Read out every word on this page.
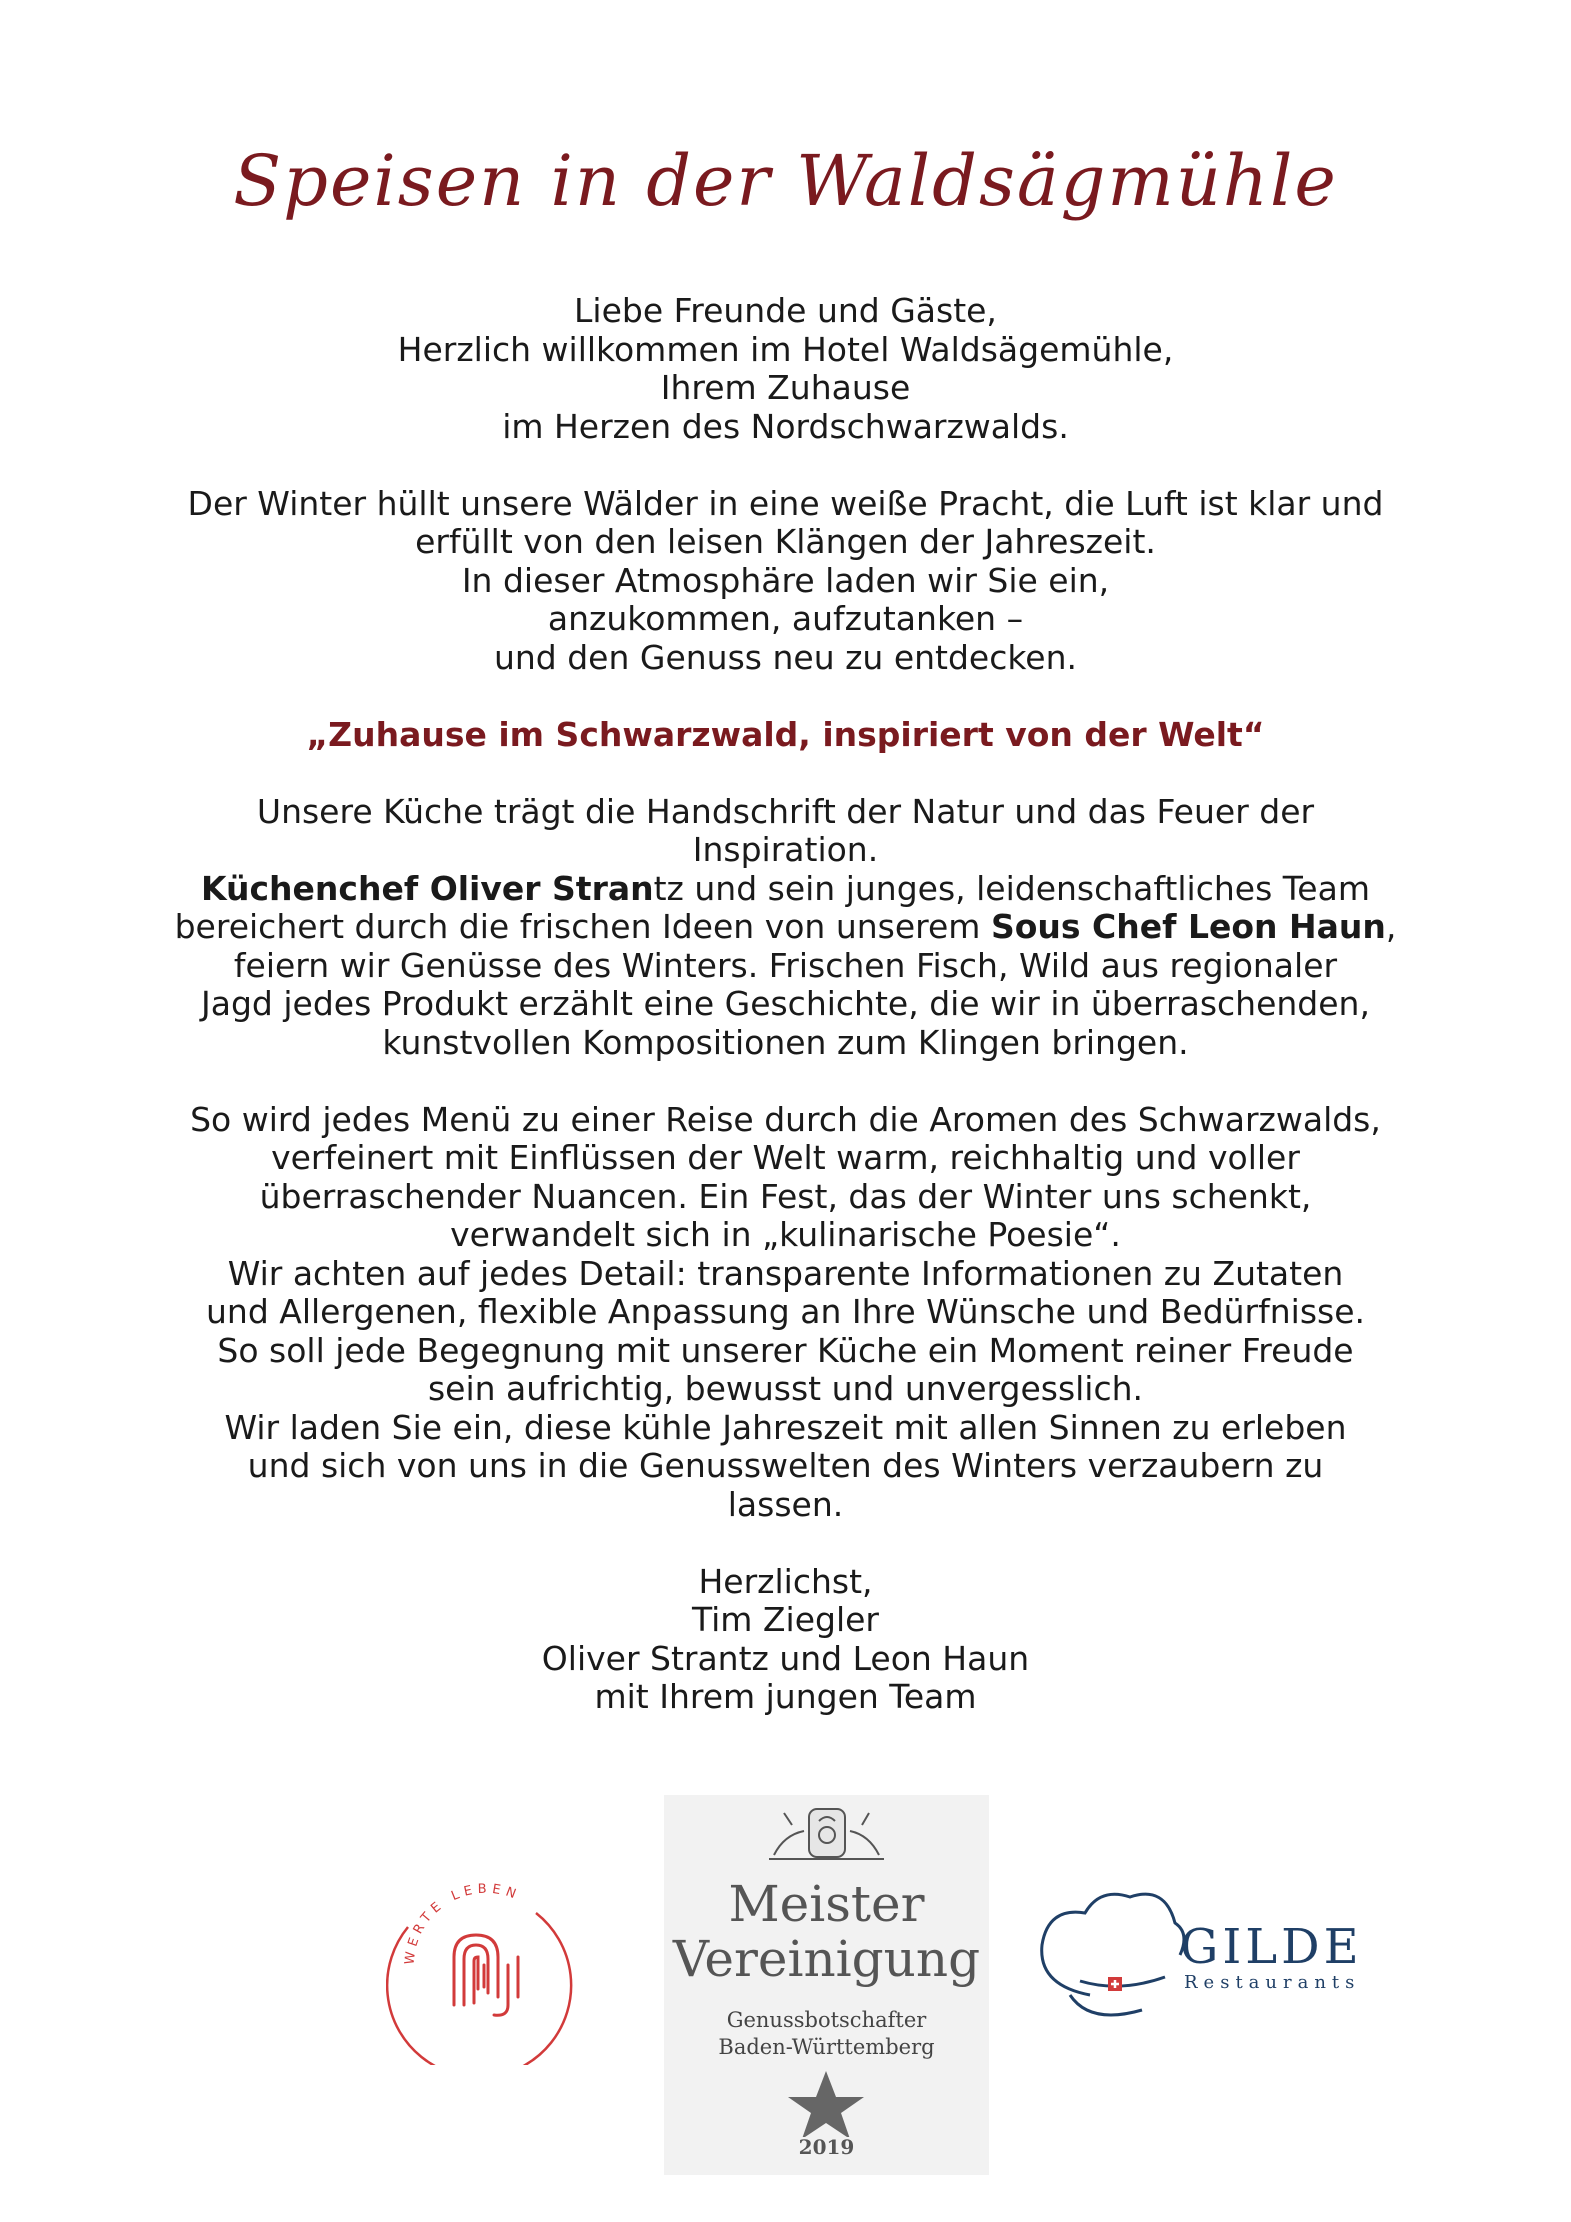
Speisen in der Waldsägmühle
Liebe Freunde und Gäste,
Herzlich willkommen im Hotel Waldsägemühle,
Ihrem Zuhause
im Herzen des Nordschwarzwalds.
Der Winter hüllt unsere Wälder in eine weiße Pracht, die Luft ist klar und
erfüllt von den leisen Klängen der Jahreszeit.
In dieser Atmosphäre laden wir Sie ein,
anzukommen, aufzutanken –
und den Genuss neu zu entdecken.
„Zuhause im Schwarzwald, inspiriert von der Welt“
Unsere Küche trägt die Handschrift der Natur und das Feuer der
Inspiration.
Küchenchef Oliver Strantz und sein junges, leidenschaftliches Team
bereichert durch die frischen Ideen von unserem Sous Chef Leon Haun,
feiern wir Genüsse des Winters. Frischen Fisch, Wild aus regionaler
Jagd jedes Produkt erzählt eine Geschichte, die wir in überraschenden,
kunstvollen Kompositionen zum Klingen bringen.
So wird jedes Menü zu einer Reise durch die Aromen des Schwarzwalds,
verfeinert mit Einflüssen der Welt warm, reichhaltig und voller
überraschender Nuancen. Ein Fest, das der Winter uns schenkt,
verwandelt sich in „kulinarische Poesie“.
Wir achten auf jedes Detail: transparente Informationen zu Zutaten
und Allergenen, flexible Anpassung an Ihre Wünsche und Bedürfnisse.
So soll jede Begegnung mit unserer Küche ein Moment reiner Freude
sein aufrichtig, bewusst und unvergesslich.
Wir laden Sie ein, diese kühle Jahreszeit mit allen Sinnen zu erleben
und sich von uns in die Genusswelten des Winters verzaubern zu
lassen.
Herzlichst,
Tim Ziegler
Oliver Strantz und Leon Haun
mit Ihrem jungen Team
WERTE LEBEN	Meister
Vereinigung
Genussbotschafter
Baden-Württemberg
2019
GILDE
Restaurants
